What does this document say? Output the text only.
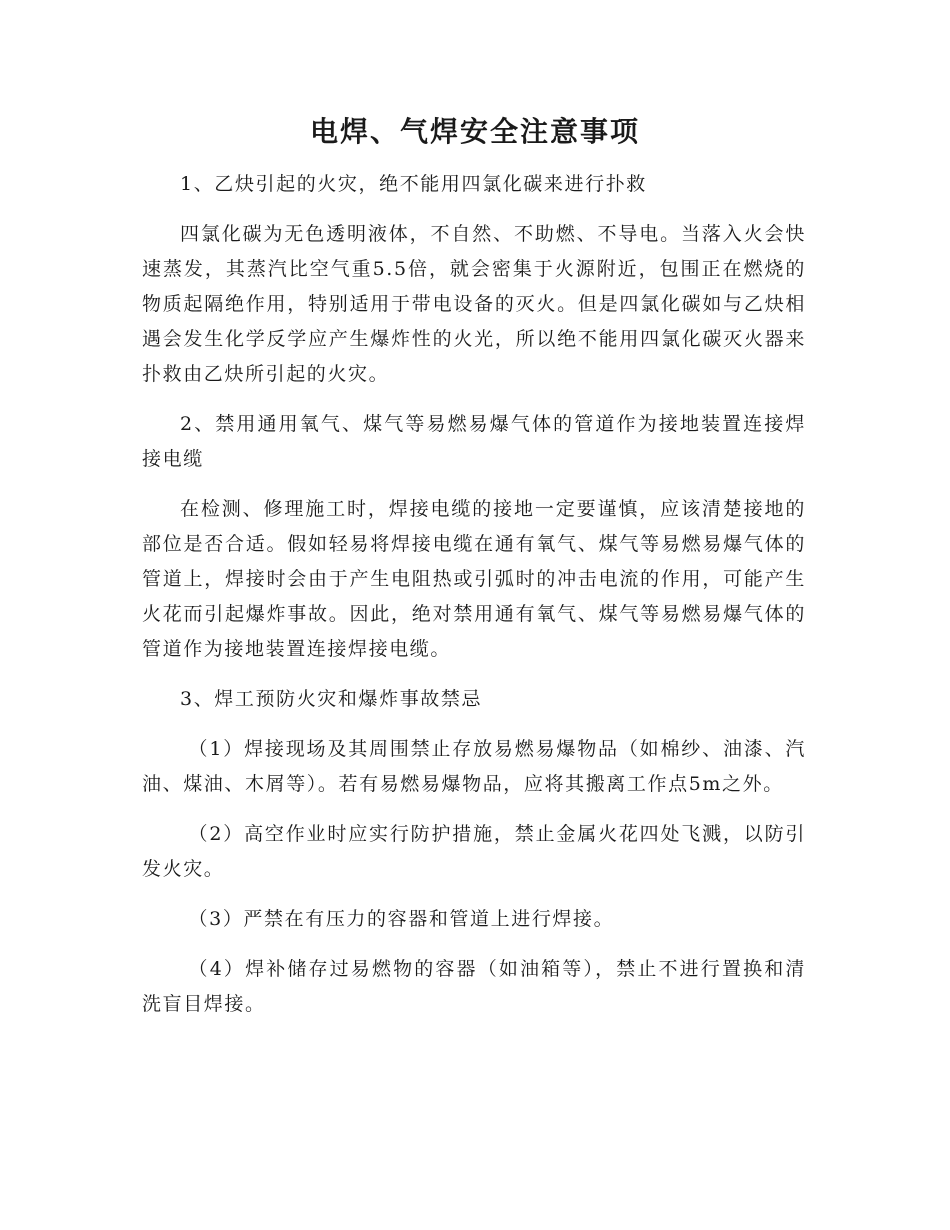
电焊、气焊安全注意事项

1、乙炔引起的火灾，绝不能用四氯化碳来进行扑救

四氯化碳为无色透明液体，不自然、不助燃、不导电。当落入火会快速蒸发，其蒸汽比空气重5.5倍，就会密集于火源附近，包围正在燃烧的物质起隔绝作用，特别适用于带电设备的灭火。但是四氯化碳如与乙炔相遇会发生化学反学应产生爆炸性的火光，所以绝不能用四氯化碳灭火器来扑救由乙炔所引起的火灾。

2、禁用通用氧气、煤气等易燃易爆气体的管道作为接地装置连接焊接电缆

在检测、修理施工时，焊接电缆的接地一定要谨慎，应该清楚接地的部位是否合适。假如轻易将焊接电缆在通有氧气、煤气等易燃易爆气体的管道上，焊接时会由于产生电阻热或引弧时的冲击电流的作用，可能产生火花而引起爆炸事故。因此，绝对禁用通有氧气、煤气等易燃易爆气体的管道作为接地装置连接焊接电缆。

3、焊工预防火灾和爆炸事故禁忌

（1）焊接现场及其周围禁止存放易燃易爆物品（如棉纱、油漆、汽油、煤油、木屑等）。若有易燃易爆物品，应将其搬离工作点5m之外。

（2）高空作业时应实行防护措施，禁止金属火花四处飞溅，以防引发火灾。

（3）严禁在有压力的容器和管道上进行焊接。

（4）焊补储存过易燃物的容器（如油箱等），禁止不进行置换和清洗盲目焊接。
